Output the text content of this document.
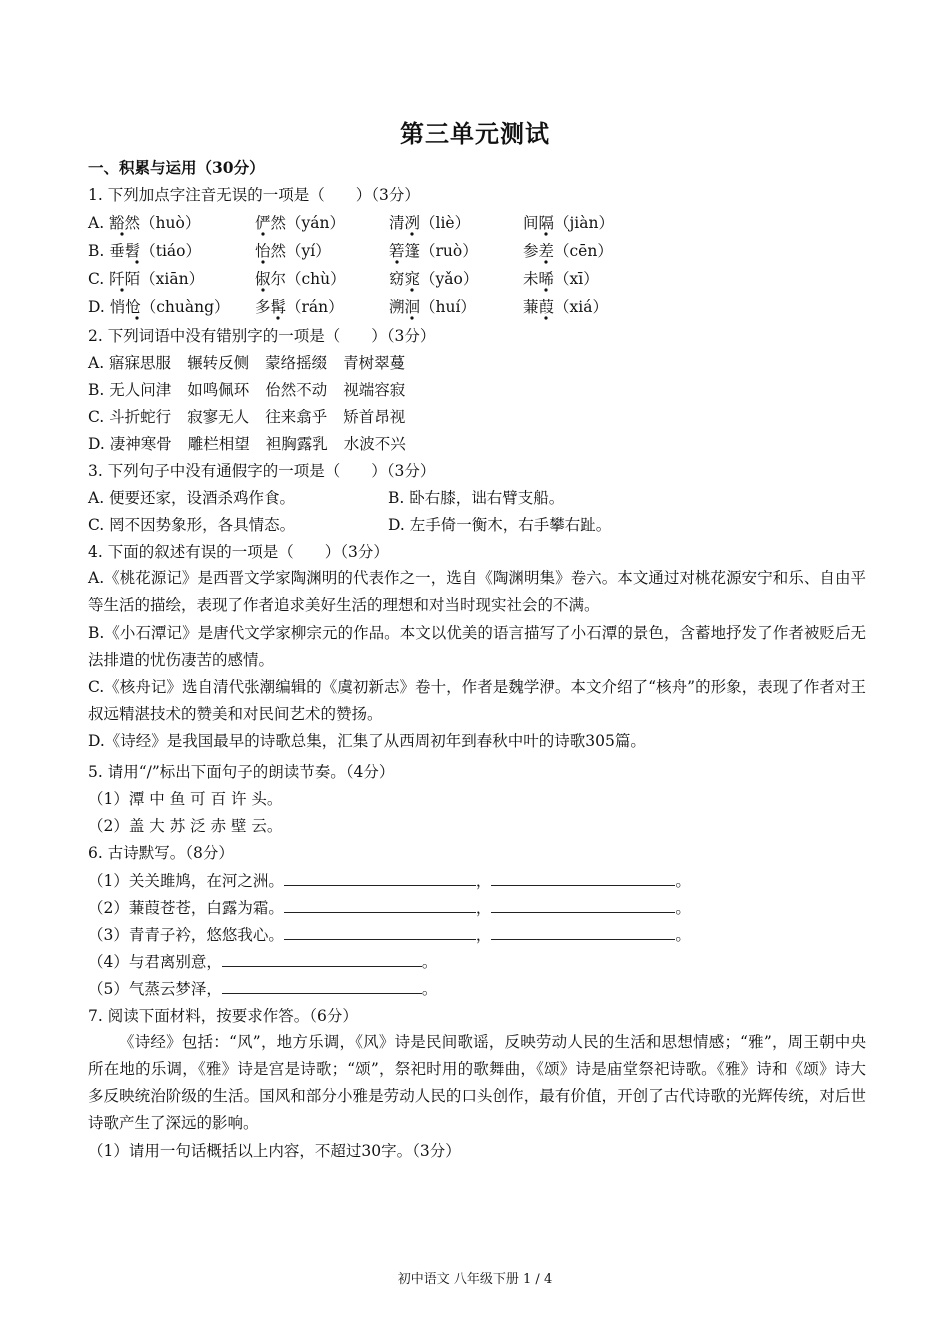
第三单元测试
一、积累与运用（30分）
1. 下列加点字注音无误的一项是（　　）（3分）
A. 豁然（huò）	俨然（yán）	清冽（liè）	间隔（jiàn）
B. 垂髫（tiáo）	怡然（yí）	箬篷（ruò）	参差（cēn）
C. 阡陌（xiān）	俶尔（chù）	窈窕（yǎo）	未晞（xī）
D. 悄怆（chuàng） 多髯（rán）	溯洄（huí）	蒹葭（xiá）
2. 下列词语中没有错别字的一项是（　　）（3分）
A. 寤寐思服 辗转反侧 蒙络摇缀 青树翠蔓
B. 无人问津 如鸣佩环 佁然不动 视端容寂
C. 斗折蛇行 寂寥无人 往来翕乎 矫首昂视
D. 凄神寒骨 雕栏相望 袒胸露乳 水波不兴
3. 下列句子中没有通假字的一项是（　　）（3分）
A. 便要还家，设酒杀鸡作食。	B. 卧右膝，诎右臂支船。
C. 罔不因势象形，各具情态。	D. 左手倚一衡木，右手攀右趾。
4. 下面的叙述有误的一项是（　　）（3分）
A.《桃花源记》是西晋文学家陶渊明的代表作之一，选自《陶渊明集》卷六。本文通过对桃花源安宁和乐、自由平等生活的描绘，表现了作者追求美好生活的理想和对当时现实社会的不满。
B.《小石潭记》是唐代文学家柳宗元的作品。本文以优美的语言描写了小石潭的景色，含蓄地抒发了作者被贬后无法排遣的忧伤凄苦的感情。
C.《核舟记》选自清代张潮编辑的《虞初新志》卷十，作者是魏学洢。本文介绍了“核舟”的形象，表现了作者对王叔远精湛技术的赞美和对民间艺术的赞扬。
D.《诗经》是我国最早的诗歌总集，汇集了从西周初年到春秋中叶的诗歌305篇。
5. 请用“/”标出下面句子的朗读节奏。（4分）
（1）潭 中 鱼 可 百 许 头。
（2）盖 大 苏 泛 赤 壁 云。
6. 古诗默写。（8分）
（1）关关雎鸠，在河之洲。	，	。
（2）蒹葭苍苍，白露为霜。	，	。
（3）青青子衿，悠悠我心。	，	。
（4）与君离别意，	。
（5）气蒸云梦泽，	。
7. 阅读下面材料，按要求作答。（6分）
《诗经》包括：“风”，地方乐调，《风》诗是民间歌谣，反映劳动人民的生活和思想情感；“雅”，周王朝中央所在地的乐调，《雅》诗是宫是诗歌；“颂”，祭祀时用的歌舞曲，《颂》诗是庙堂祭祀诗歌。《雅》诗和《颂》诗大多反映统治阶级的生活。国风和部分小雅是劳动人民的口头创作，最有价值，开创了古代诗歌的光辉传统，对后世诗歌产生了深远的影响。
（1）请用一句话概括以上内容，不超过30字。（3分）
初中语文 八年级下册 1 / 4
